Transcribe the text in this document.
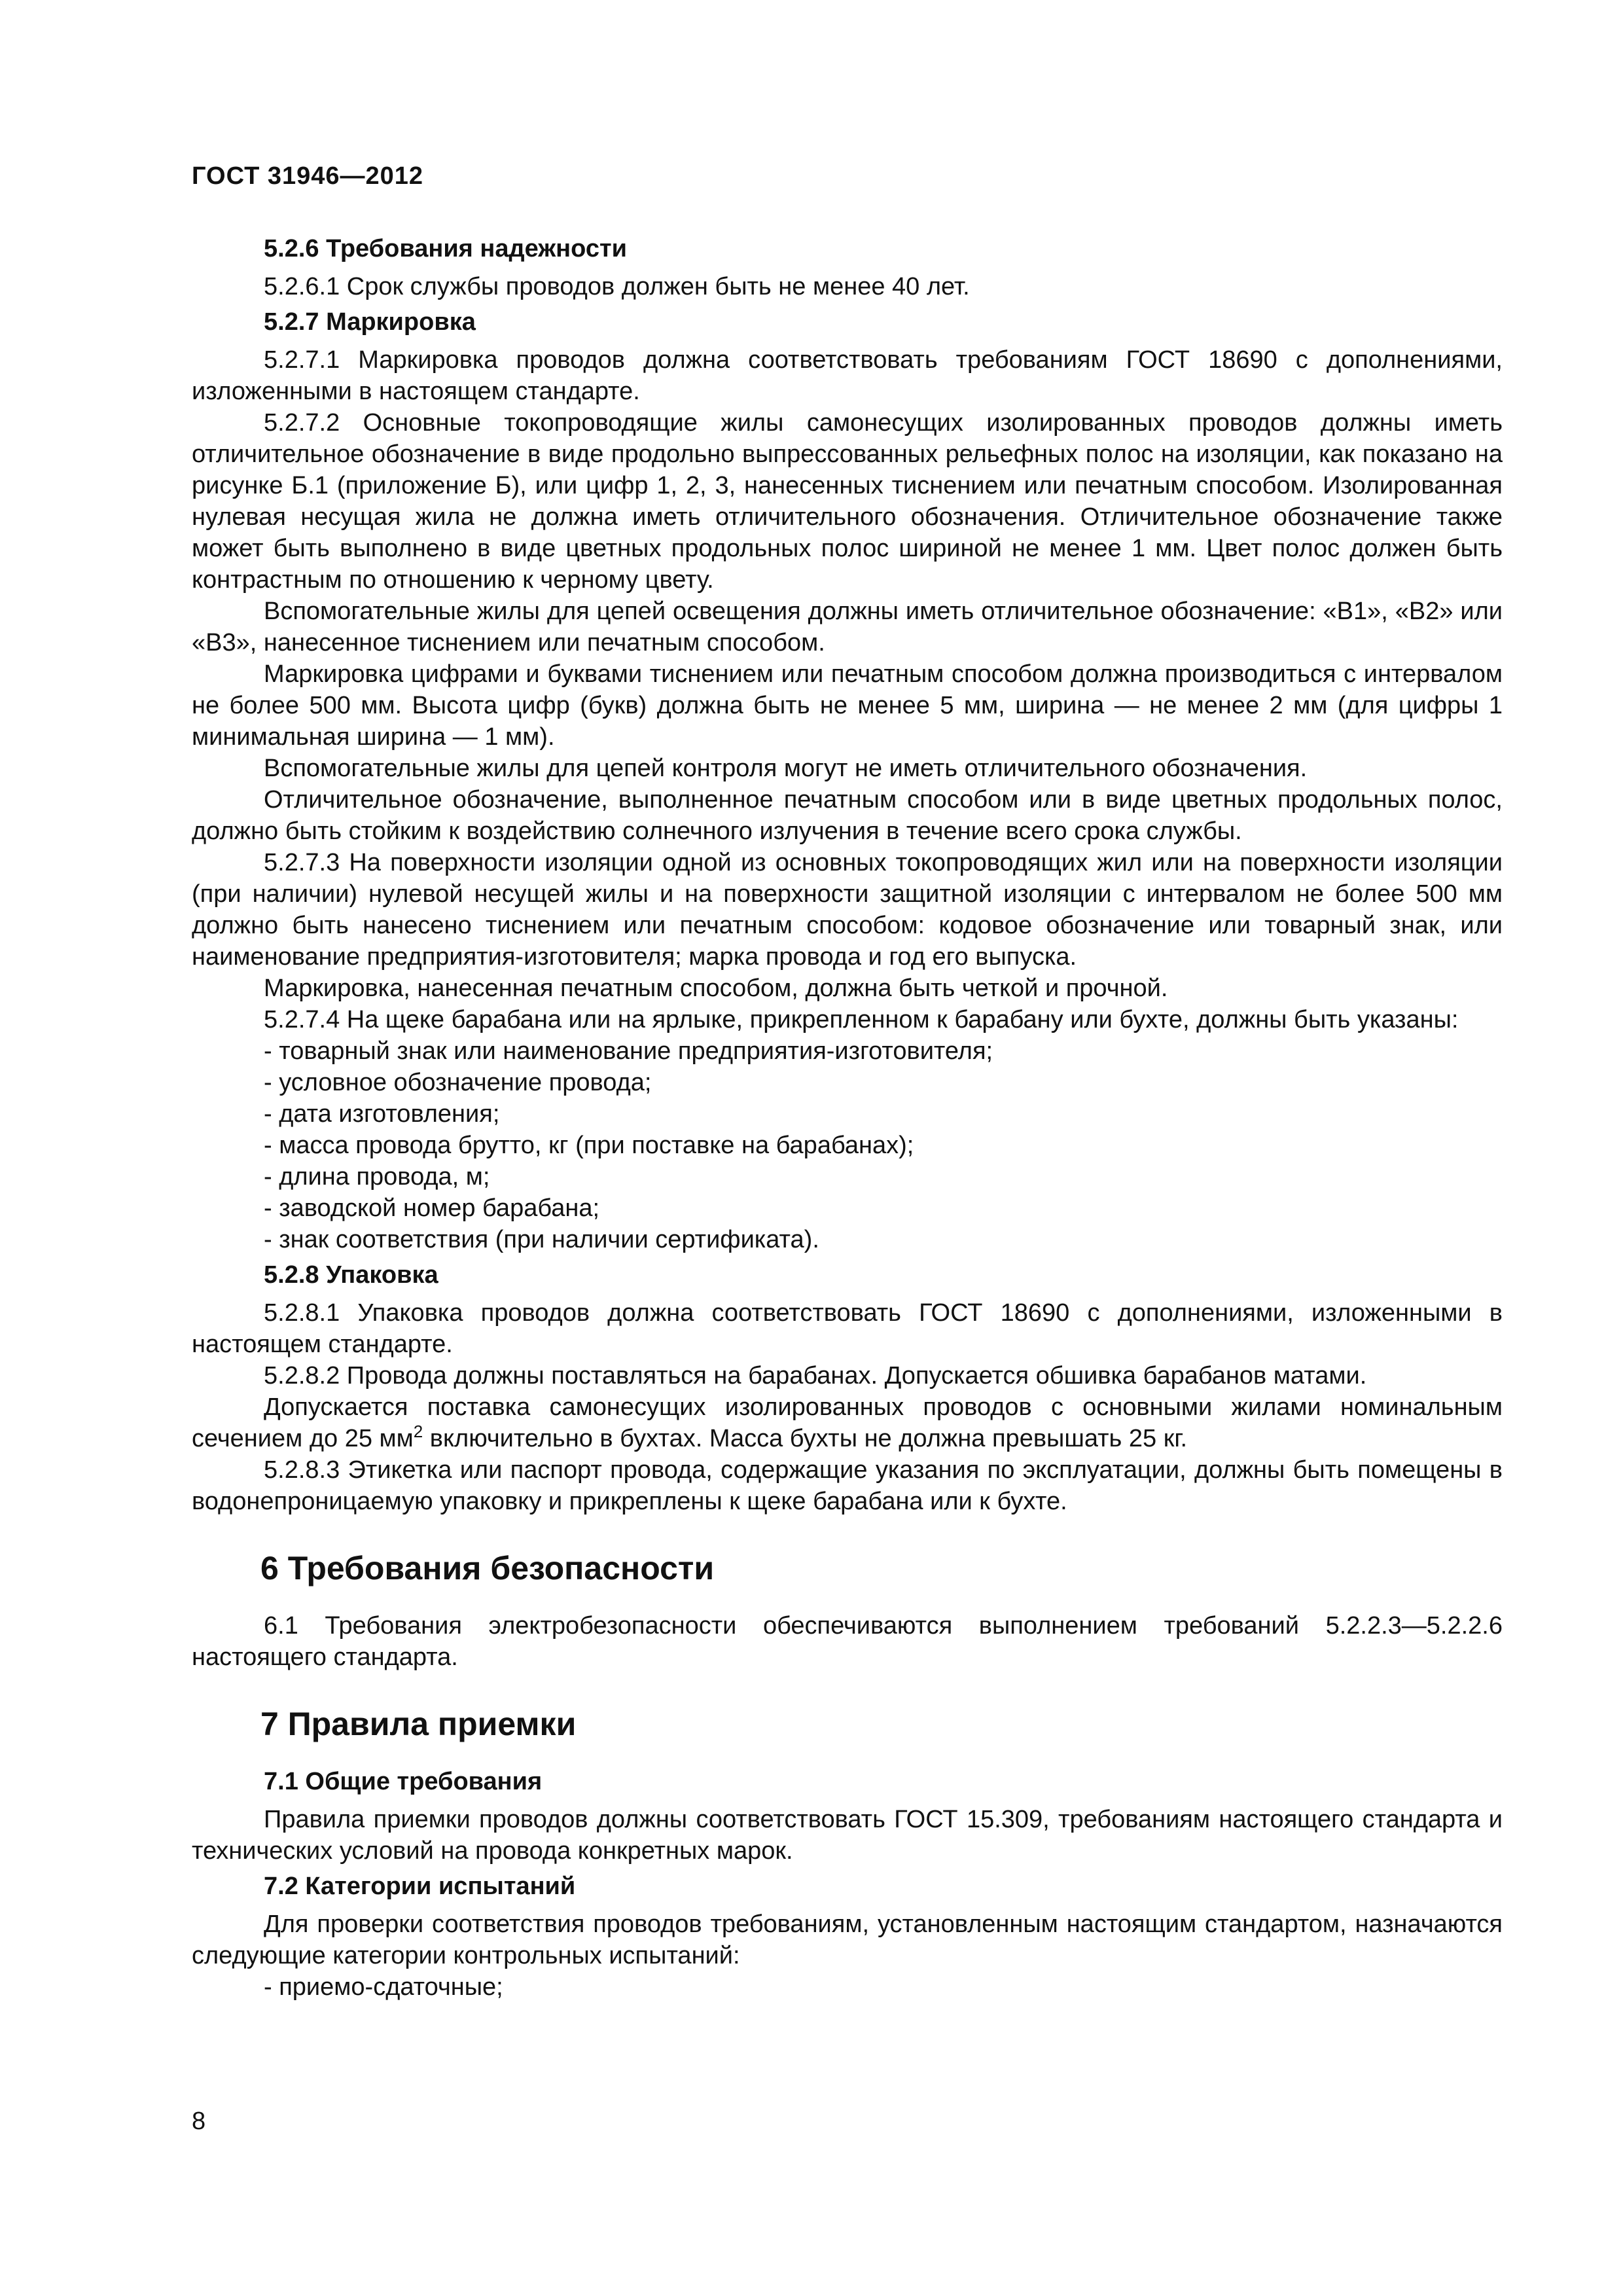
ГОСТ 31946—2012

5.2.6 Требования надежности

5.2.6.1 Срок службы проводов должен быть не менее 40 лет.

5.2.7 Маркировка

5.2.7.1 Маркировка проводов должна соответствовать требованиям ГОСТ 18690 с дополнениями, изложенными в настоящем стандарте.

5.2.7.2 Основные токопроводящие жилы самонесущих изолированных проводов должны иметь отличительное обозначение в виде продольно выпрессованных рельефных полос на изоляции, как показано на рисунке Б.1 (приложение Б), или цифр 1, 2, 3, нанесенных тиснением или печатным способом. Изолированная нулевая несущая жила не должна иметь отличительного обозначения. Отличительное обозначение также может быть выполнено в виде цветных продольных полос шириной не менее 1 мм. Цвет полос должен быть контрастным по отношению к черному цвету.

Вспомогательные жилы для цепей освещения должны иметь отличительное обозначение: «В1», «В2» или «В3», нанесенное тиснением или печатным способом.

Маркировка цифрами и буквами тиснением или печатным способом должна производиться с интервалом не более 500 мм. Высота цифр (букв) должна быть не менее 5 мм, ширина — не менее 2 мм (для цифры 1 минимальная ширина — 1 мм).

Вспомогательные жилы для цепей контроля могут не иметь отличительного обозначения.

Отличительное обозначение, выполненное печатным способом или в виде цветных продольных полос, должно быть стойким к воздействию солнечного излучения в течение всего срока службы.

5.2.7.3 На поверхности изоляции одной из основных токопроводящих жил или на поверхности изоляции (при наличии) нулевой несущей жилы и на поверхности защитной изоляции с интервалом не более 500 мм должно быть нанесено тиснением или печатным способом: кодовое обозначение или товарный знак, или наименование предприятия-изготовителя; марка провода и год его выпуска.

Маркировка, нанесенная печатным способом, должна быть четкой и прочной.

5.2.7.4 На щеке барабана или на ярлыке, прикрепленном к барабану или бухте, должны быть указаны:

- товарный знак или наименование предприятия-изготовителя;

- условное обозначение провода;

- дата изготовления;

- масса провода брутто, кг (при поставке на барабанах);

- длина провода, м;

- заводской номер барабана;

- знак соответствия (при наличии сертификата).

5.2.8 Упаковка

5.2.8.1 Упаковка проводов должна соответствовать ГОСТ 18690 с дополнениями, изложенными в настоящем стандарте.

5.2.8.2 Провода должны поставляться на барабанах. Допускается обшивка барабанов матами.

Допускается поставка самонесущих изолированных проводов с основными жилами номинальным сечением до 25 $мм^2$ включительно в бухтах. Масса бухты не должна превышать 25 кг.

5.2.8.3 Этикетка или паспорт провода, содержащие указания по эксплуатации, должны быть помещены в водонепроницаемую упаковку и прикреплены к щеке барабана или к бухте.

6 Требования безопасности

6.1 Требования электробезопасности обеспечиваются выполнением требований 5.2.2.3—5.2.2.6 настоящего стандарта.

7 Правила приемки

7.1 Общие требования

Правила приемки проводов должны соответствовать ГОСТ 15.309, требованиям настоящего стандарта и технических условий на провода конкретных марок.

7.2 Категории испытаний

Для проверки соответствия проводов требованиям, установленным настоящим стандартом, назначаются следующие категории контрольных испытаний:

- приемо-сдаточные;

8
